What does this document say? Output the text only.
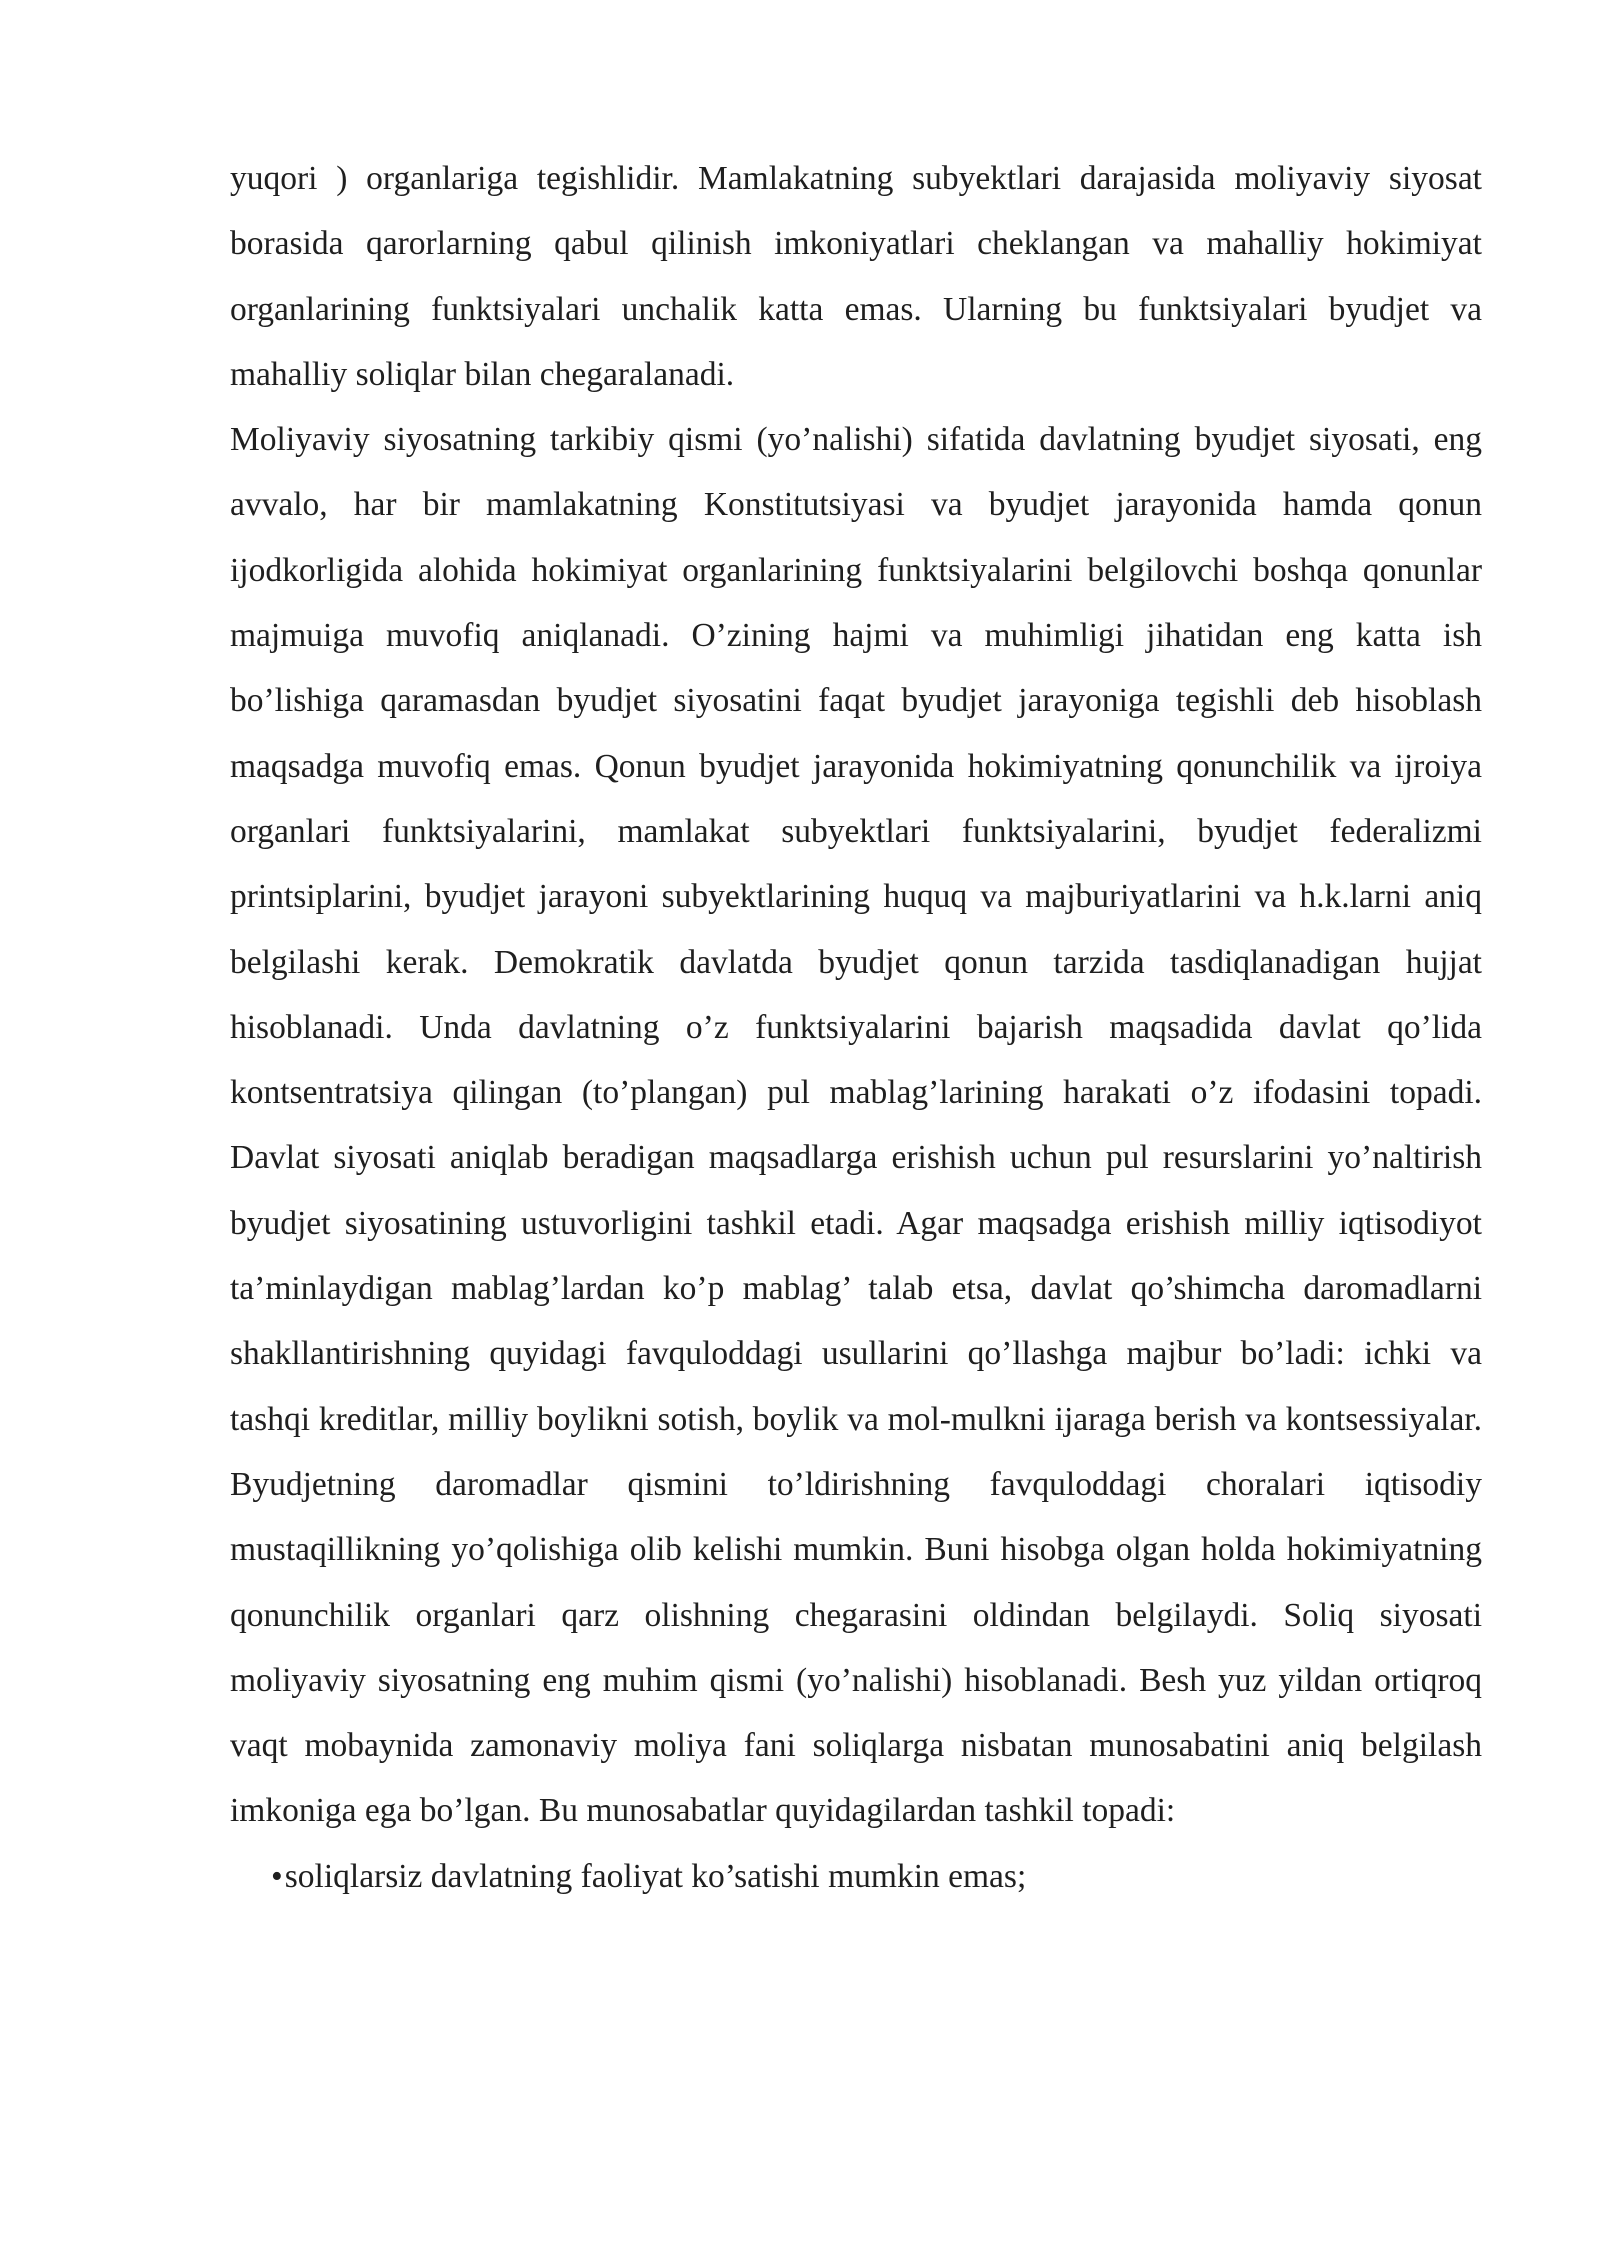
yuqori ) organlariga tegishlidir. Mamlakatning subyektlari darajasida moliyaviy siyosat borasida qarorlarning qabul qilinish imkoniyatlari cheklangan va mahalliy hokimiyat organlarining funktsiyalari unchalik katta emas. Ularning bu funktsiyalari byudjet va mahalliy soliqlar bilan chegaralanadi.

Moliyaviy siyosatning tarkibiy qismi (yo’nalishi) sifatida davlatning byudjet siyosati, eng avvalo, har bir mamlakatning Konstitutsiyasi va byudjet jarayonida hamda qonun ijodkorligida alohida hokimiyat organlarining funktsiyalarini belgilovchi boshqa qonunlar majmuiga muvofiq aniqlanadi. O’zining hajmi va muhimligi jihatidan eng katta ish bo’lishiga qaramasdan byudjet siyosatini faqat byudjet jarayoniga tegishli deb hisoblash maqsadga muvofiq emas. Qonun byudjet jarayonida hokimiyatning qonunchilik va ijroiya organlari funktsiyalarini, mamlakat subyektlari funktsiyalarini, byudjet federalizmi printsiplarini, byudjet jarayoni subyektlarining huquq va majburiyatlarini va h.k.larni aniq belgilashi kerak. Demokratik davlatda byudjet qonun tarzida tasdiqlanadigan hujjat hisoblanadi. Unda davlatning o’z funktsiyalarini bajarish maqsadida davlat qo’lida kontsentratsiya qilingan (to’plangan) pul mablag’larining harakati o’z ifodasini topadi. Davlat siyosati aniqlab beradigan maqsadlarga erishish uchun pul resurslarini yo’naltirish byudjet siyosatining ustuvorligini tashkil etadi. Agar maqsadga erishish milliy iqtisodiyot ta’minlaydigan mablag’lardan ko’p mablag’ talab etsa, davlat qo’shimcha daromadlarni shakllantirishning quyidagi favquloddagi usullarini qo’llashga majbur bo’ladi: ichki va tashqi kreditlar, milliy boylikni sotish, boylik va mol-mulkni ijaraga berish va kontsessiyalar. Byudjetning daromadlar qismini to’ldirishning favquloddagi choralari iqtisodiy mustaqillikning yo’qolishiga olib kelishi mumkin. Buni hisobga olgan holda hokimiyatning qonunchilik organlari qarz olishning chegarasini oldindan belgilaydi. Soliq siyosati moliyaviy siyosatning eng muhim qismi (yo’nalishi) hisoblanadi. Besh yuz yildan ortiqroq vaqt mobaynida zamonaviy moliya fani soliqlarga nisbatan munosabatini aniq belgilash imkoniga ega bo’lgan. Bu munosabatlar quyidagilardan tashkil topadi:

•soliqlarsiz davlatning faoliyat ko’satishi mumkin emas;
